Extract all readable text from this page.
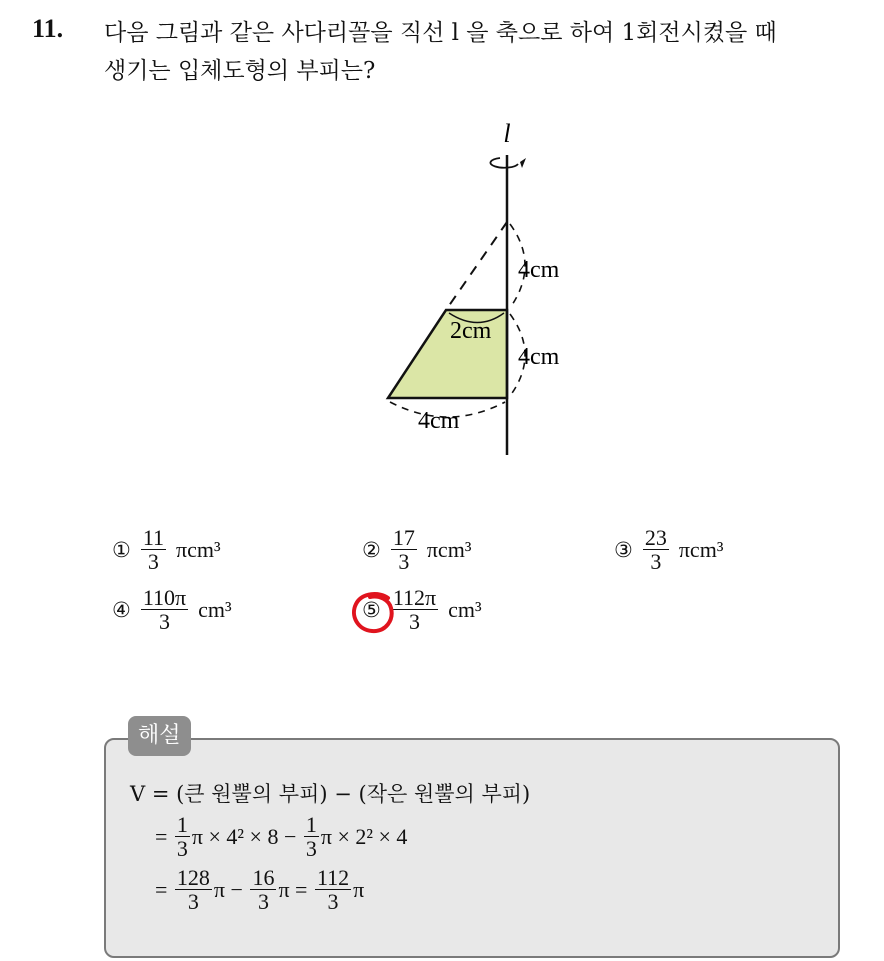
11. 다음 그림과 같은 사다리꼴을 직선 l 을 축으로 하여 1회전시켰을 때
생기는 입체도형의 부피는?
l
4cm
2cm
4cm
4cm
① $\frac{11}{3} \pi cm^3$	② $\frac{17}{3} \pi cm^3$	③ $\frac{23}{3} \pi cm^3$
④ $\frac{110\pi}{3} cm^3$	⑤ $\frac{112\pi}{3} cm^3$
해설
V = (큰 원뿔의 부피) − (작은 원뿔의 부피)
= $\frac{1}{3}$ $\pi \times 4^2 \times 8 - \frac{1}{3}$ π × 2² × 4
= $\frac{128}{3}$ $\pi - \frac{16}{3}$ $\pi = \frac{112}{3}$ π
